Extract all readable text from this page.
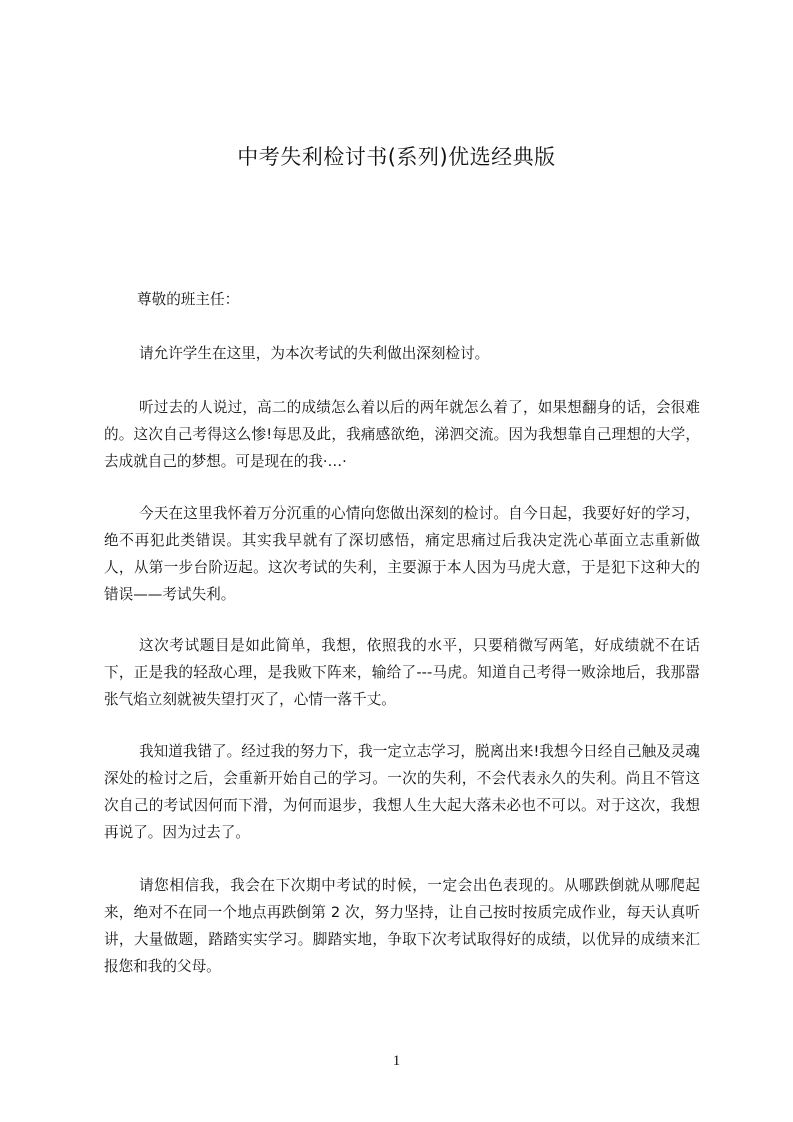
中考失利检讨书(系列)优选经典版

尊敬的班主任：

请允许学生在这里，为本次考试的失利做出深刻检讨。

听过去的人说过，高二的成绩怎么着以后的两年就怎么着了，如果想翻身的话，会很难的。这次自己考得这么惨!每思及此，我痛感欲绝，涕泗交流。因为我想靠自己理想的大学，去成就自己的梦想。可是现在的我·…·

今天在这里我怀着万分沉重的心情向您做出深刻的检讨。自今日起，我要好好的学习，绝不再犯此类错误。其实我早就有了深切感悟，痛定思痛过后我决定洗心革面立志重新做人，从第一步台阶迈起。这次考试的失利，主要源于本人因为马虎大意，于是犯下这种大的错误——考试失利。

这次考试题目是如此简单，我想，依照我的水平，只要稍微写两笔，好成绩就不在话下，正是我的轻敌心理，是我败下阵来，输给了---马虎。知道自己考得一败涂地后，我那嚣张气焰立刻就被失望打灭了，心情一落千丈。

我知道我错了。经过我的努力下，我一定立志学习，脱离出来!我想今日经自己触及灵魂深处的检讨之后，会重新开始自己的学习。一次的失利，不会代表永久的失利。尚且不管这次自己的考试因何而下滑，为何而退步，我想人生大起大落未必也不可以。对于这次，我想再说了。因为过去了。

请您相信我，我会在下次期中考试的时候，一定会出色表现的。从哪跌倒就从哪爬起来，绝对不在同一个地点再跌倒第 2 次，努力坚持，让自己按时按质完成作业，每天认真听讲，大量做题，踏踏实实学习。脚踏实地，争取下次考试取得好的成绩，以优异的成绩来汇报您和我的父母。

1
